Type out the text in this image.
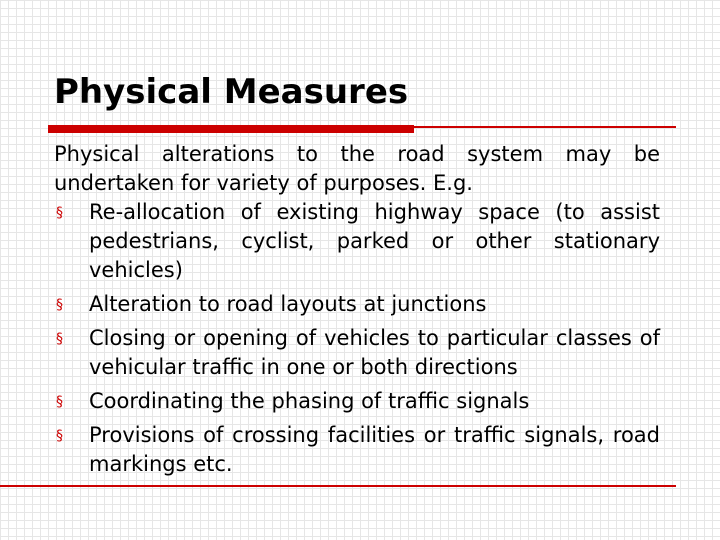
Physical Measures

Physical alterations to the road system may be undertaken for variety of purposes. E.g.

§ Re-allocation of existing highway space (to assist pedestrians, cyclist, parked or other stationary vehicles)
§ Alteration to road layouts at junctions
§ Closing or opening of vehicles to particular classes of vehicular traffic in one or both directions
§ Coordinating the phasing of traffic signals
§ Provisions of crossing facilities or traffic signals, road markings etc.
